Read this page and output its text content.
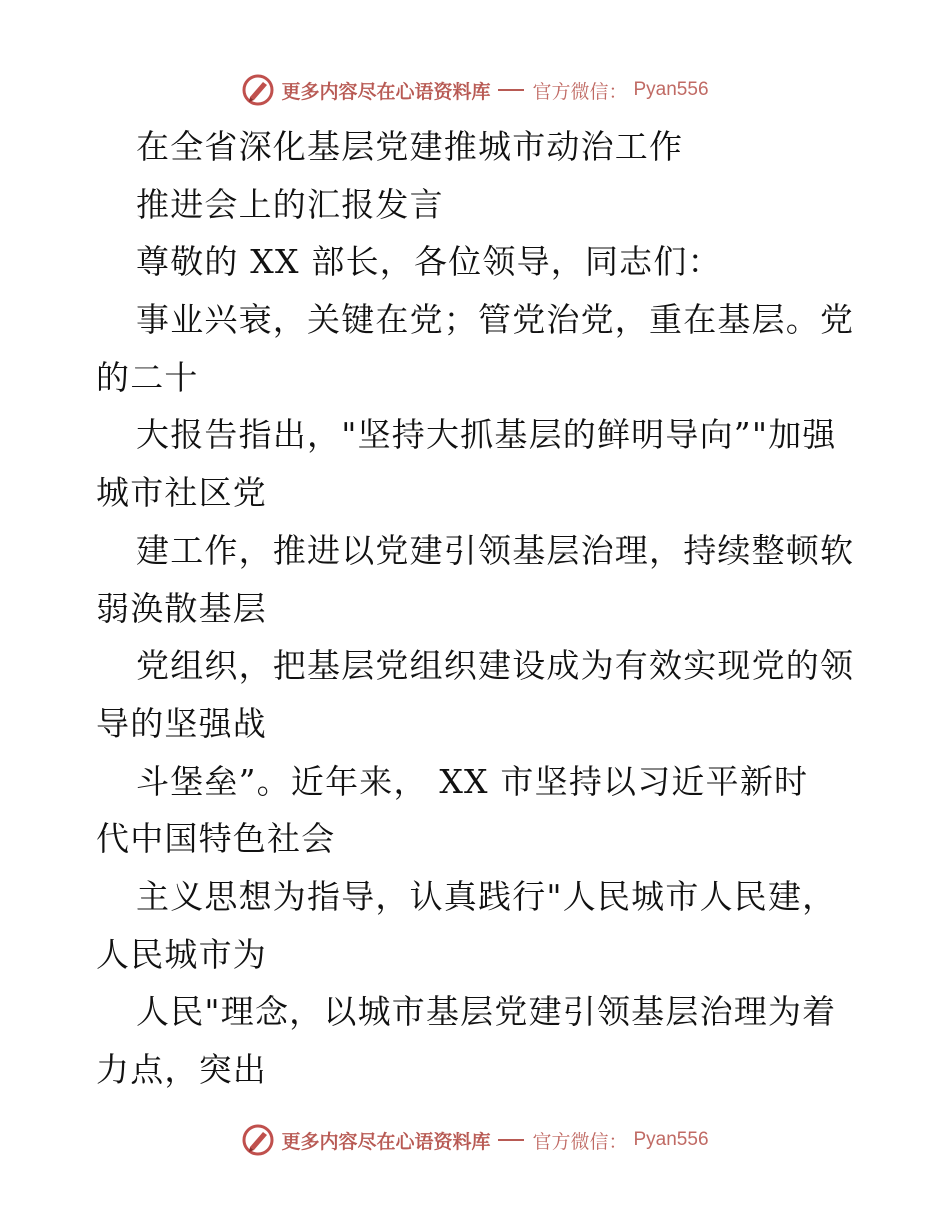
更多内容尽在心语资料库 官方微信： Pyan556
在全省深化基层党建推城市动治工作
推进会上的汇报发言
尊敬的 XX 部长，各位领导，同志们：
事业兴衰，关键在党；管党治党，重在基层。党
的二十
大报告指出，"坚持大抓基层的鲜明导向”"加强
城市社区党
建工作，推进以党建引领基层治理，持续整顿软
弱涣散基层
党组织，把基层党组织建设成为有效实现党的领
导的坚强战
斗堡垒”。近年来， XX 市坚持以习近平新时
代中国特色社会
主义思想为指导，认真践行"人民城市人民建，
人民城市为
人民"理念，以城市基层党建引领基层治理为着
力点，突出
更多内容尽在心语资料库 官方微信： Pyan556
